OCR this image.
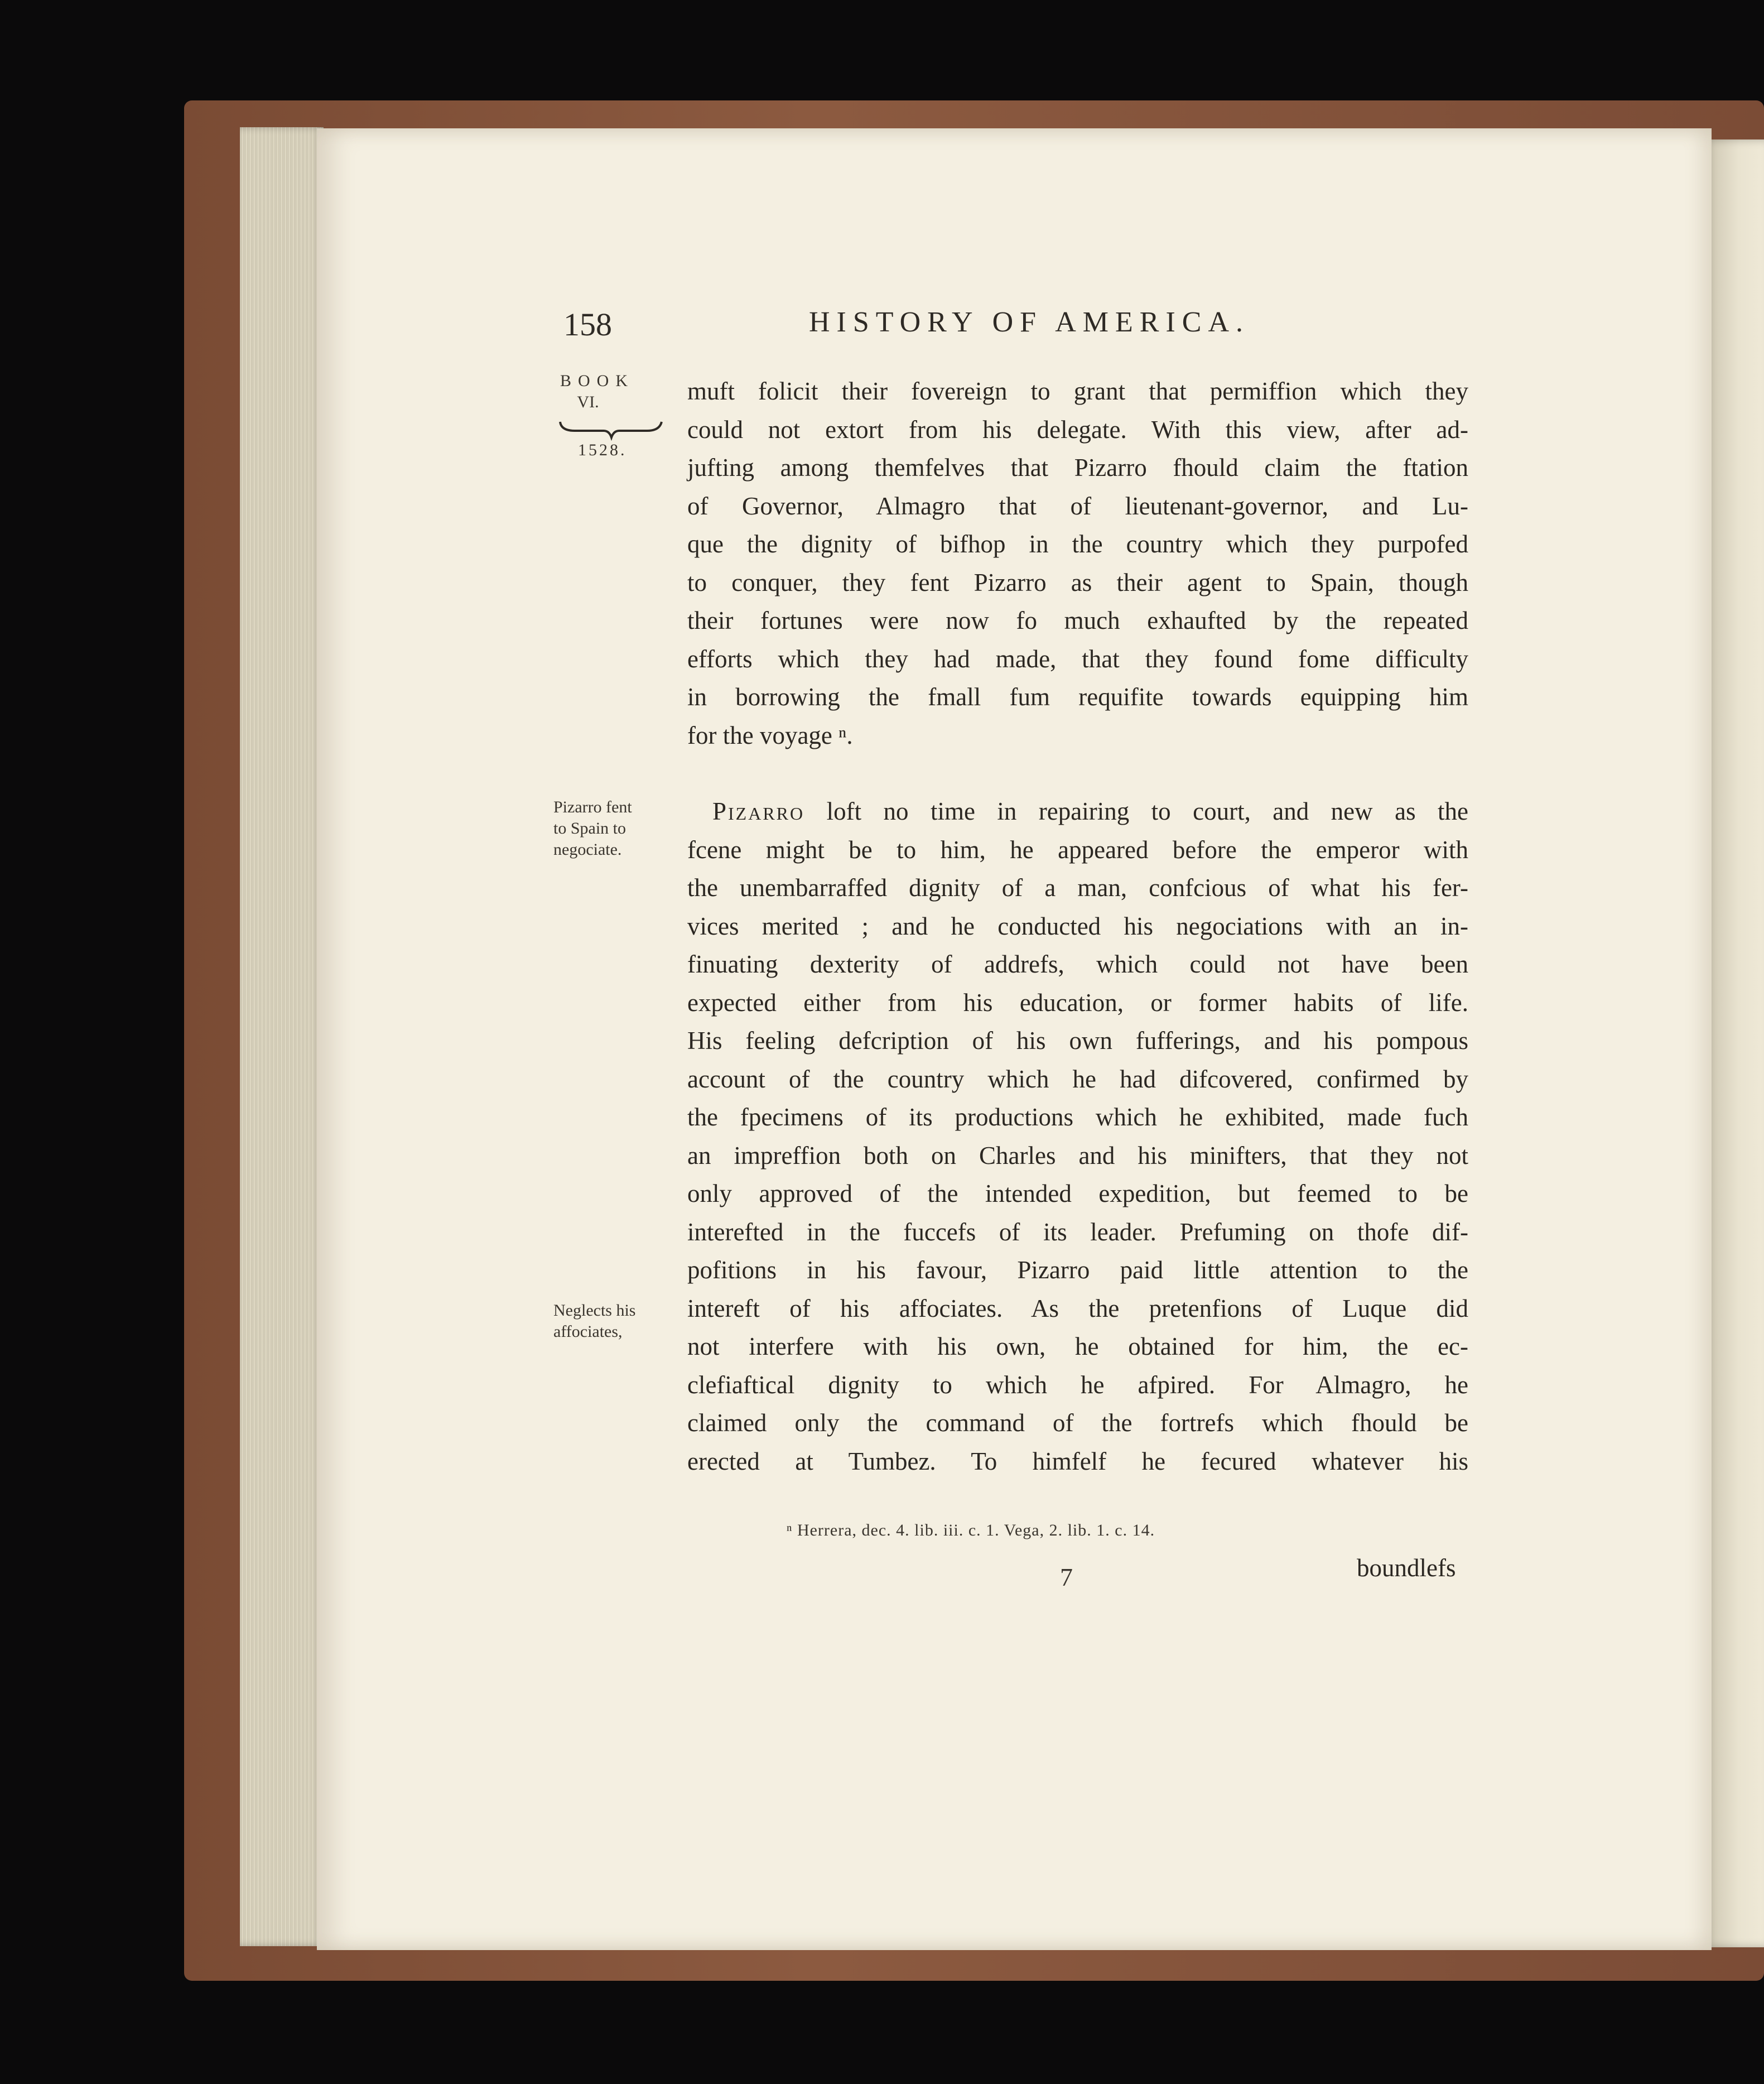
158	HISTORY OF AMERICA.
BOOK
VI.
1528.
Pizarro fent
to Spain to
negociate.
Neglects his
affociates,
muft folicit their fovereign to grant that permiffion which they
could not extort from his delegate. With this view, after ad-
jufting among themfelves that Pizarro fhould claim the ftation
of Governor, Almagro that of lieutenant-governor, and Lu-
que the dignity of bifhop in the country which they purpofed
to conquer, they fent Pizarro as their agent to Spain, though
their fortunes were now fo much exhaufted by the repeated
efforts which they had made, that they found fome difficulty
in borrowing the fmall fum requifite towards equipping him
for the voyage ⁿ.
 Pizarro loft no time in repairing to court, and new as the
fcene might be to him, he appeared before the emperor with
the unembarraffed dignity of a man, confcious of what his fer-
vices merited ; and he conducted his negociations with an in-
finuating dexterity of addrefs, which could not have been
expected either from his education, or former habits of life.
His feeling defcription of his own fufferings, and his pompous
account of the country which he had difcovered, confirmed by
the fpecimens of its productions which he exhibited, made fuch
an impreffion both on Charles and his minifters, that they not
only approved of the intended expedition, but feemed to be
interefted in the fuccefs of its leader. Prefuming on thofe dif-
pofitions in his favour, Pizarro paid little attention to the
intereft of his affociates. As the pretenfions of Luque did
not interfere with his own, he obtained for him, the ec-
clefiaftical dignity to which he afpired. For Almagro, he
claimed only the command of the fortrefs which fhould be
erected at Tumbez. To himfelf he fecured whatever his
ⁿ Herrera, dec. 4. lib. iii. c. 1. Vega, 2. lib. 1. c. 14.
7	boundlefs
